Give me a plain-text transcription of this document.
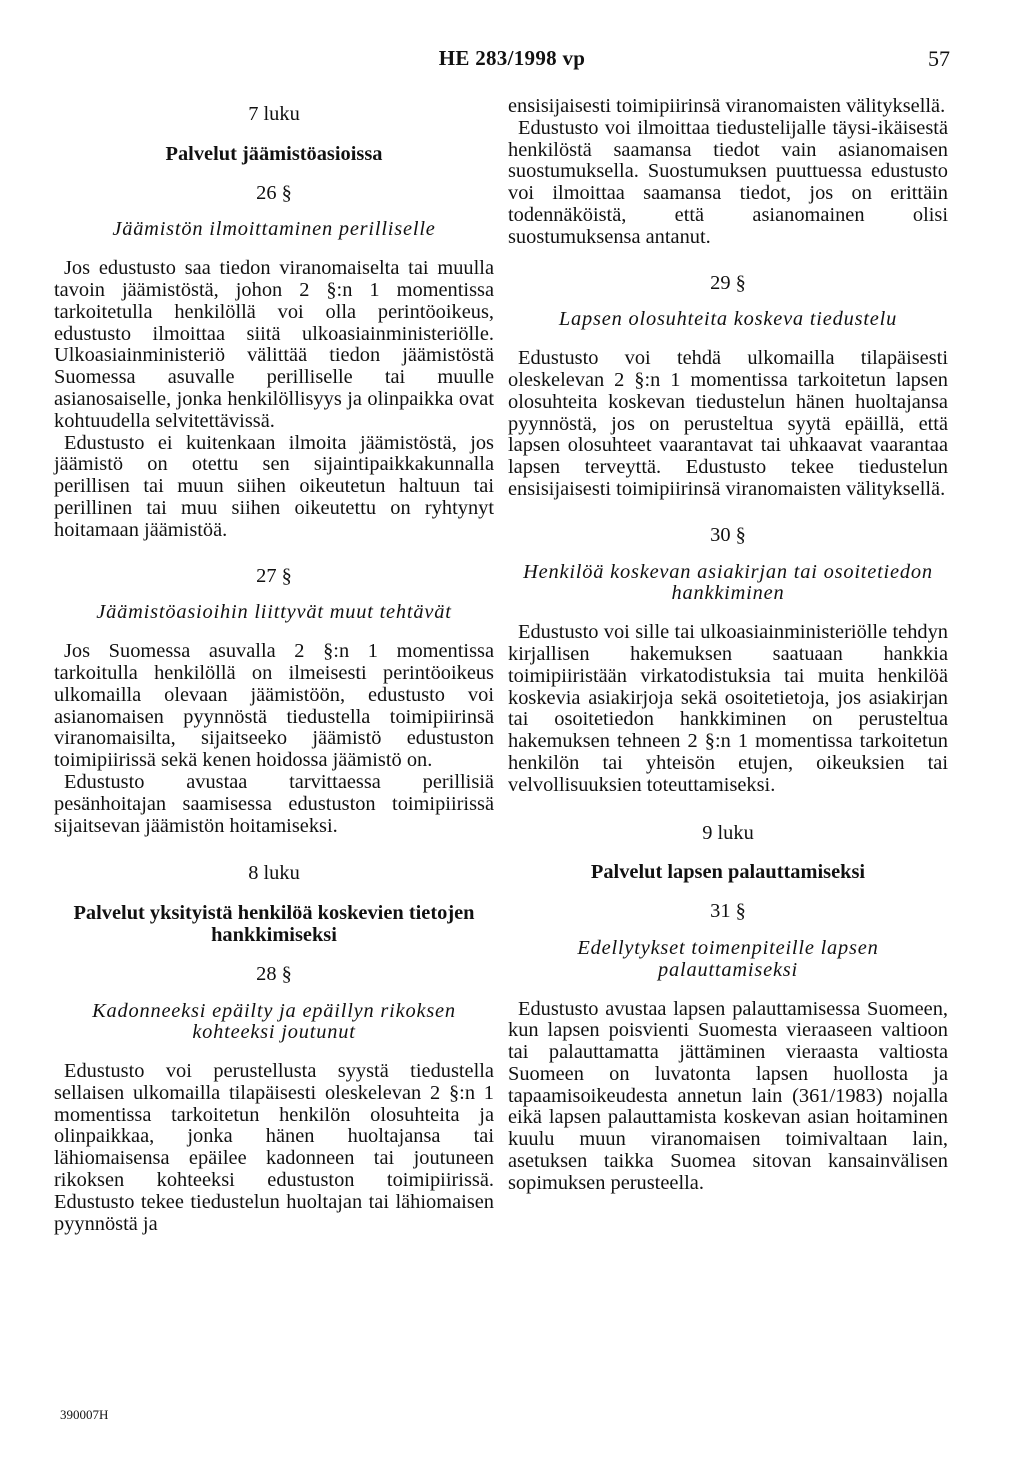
HE 283/1998 vp	57
7 luku
Palvelut jäämistöasioissa
26 §
Jäämistön ilmoittaminen perilliselle

Jos edustusto saa tiedon viranomaiselta tai muulla tavoin jäämistöstä, johon 2 §:n 1 momentissa tarkoitetulla henkilöllä voi olla perintöoikeus, edustusto ilmoittaa siitä ulkoasiainministeriölle. Ulkoasiainministeriö välittää tiedon jäämistöstä Suomessa asuvalle perilliselle tai muulle asianosaiselle, jonka henkilöllisyys ja olinpaikka ovat kohtuudella selvitettävissä.

Edustusto ei kuitenkaan ilmoita jäämistöstä, jos jäämistö on otettu sen sijaintipaikkakunnalla perillisen tai muun siihen oikeutetun haltuun tai perillinen tai muu siihen oikeutettu on ryhtynyt hoitamaan jäämistöä.

27 §
Jäämistöasioihin liittyvät muut tehtävät

Jos Suomessa asuvalla 2 §:n 1 momentissa tarkoitulla henkilöllä on ilmeisesti perintöoikeus ulkomailla olevaan jäämistöön, edustusto voi asianomaisen pyynnöstä tiedustella toimipiirinsä viranomaisilta, sijaitseeko jäämistö edustuston toimipiirissä sekä kenen hoidossa jäämistö on.

Edustusto avustaa tarvittaessa perillisiä pesänhoitajan saamisessa edustuston toimipiirissä sijaitsevan jäämistön hoitamiseksi.

8 luku
Palvelut yksityistä henkilöä koskevien tietojen hankkimiseksi
28 §
Kadonneeksi epäilty ja epäillyn rikoksen kohteeksi joutunut

Edustusto voi perustellusta syystä tiedustella sellaisen ulkomailla tilapäisesti oleskelevan 2 §:n 1 momentissa tarkoitetun henkilön olosuhteita ja olinpaikkaa, jonka hänen huoltajansa tai lähiomaisensa epäilee kadonneen tai joutuneen rikoksen kohteeksi edustuston toimipiirissä. Edustusto tekee tiedustelun huoltajan tai lähiomaisen pyynnöstä ja

ensisijaisesti toimipiirinsä viranomaisten välityksellä.

Edustusto voi ilmoittaa tiedustelijalle täysi-ikäisestä henkilöstä saamansa tiedot vain asianomaisen suostumuksella. Suostumuksen puuttuessa edustusto voi ilmoittaa saamansa tiedot, jos on erittäin todennäköistä, että asianomainen olisi suostumuksensa antanut.

29 §
Lapsen olosuhteita koskeva tiedustelu

Edustusto voi tehdä ulkomailla tilapäisesti oleskelevan 2 §:n 1 momentissa tarkoitetun lapsen olosuhteita koskevan tiedustelun hänen huoltajansa pyynnöstä, jos on perusteltua syytä epäillä, että lapsen olosuhteet vaarantavat tai uhkaavat vaarantaa lapsen terveyttä. Edustusto tekee tiedustelun ensisijaisesti toimipiirinsä viranomaisten välityksellä.

30 §
Henkilöä koskevan asiakirjan tai osoitetiedon hankkiminen

Edustusto voi sille tai ulkoasiainministeriölle tehdyn kirjallisen hakemuksen saatuaan hankkia toimipiiristään virkatodistuksia tai muita henkilöä koskevia asiakirjoja sekä osoitetietoja, jos asiakirjan tai osoitetiedon hankkiminen on perusteltua hakemuksen tehneen 2 §:n 1 momentissa tarkoitetun henkilön tai yhteisön etujen, oikeuksien tai velvollisuuksien toteuttamiseksi.

9 luku
Palvelut lapsen palauttamiseksi
31 §
Edellytykset toimenpiteille lapsen palauttamiseksi

Edustusto avustaa lapsen palauttamisessa Suomeen, kun lapsen poisvienti Suomesta vieraaseen valtioon tai palauttamatta jättäminen vieraasta valtiosta Suomeen on luvatonta lapsen huollosta ja tapaamisoikeudesta annetun lain (361/1983) nojalla eikä lapsen palauttamista koskevan asian hoitaminen kuulu muun viranomaisen toimivaltaan lain, asetuksen taikka Suomea sitovan kansainvälisen sopimuksen perusteella.

390007H
